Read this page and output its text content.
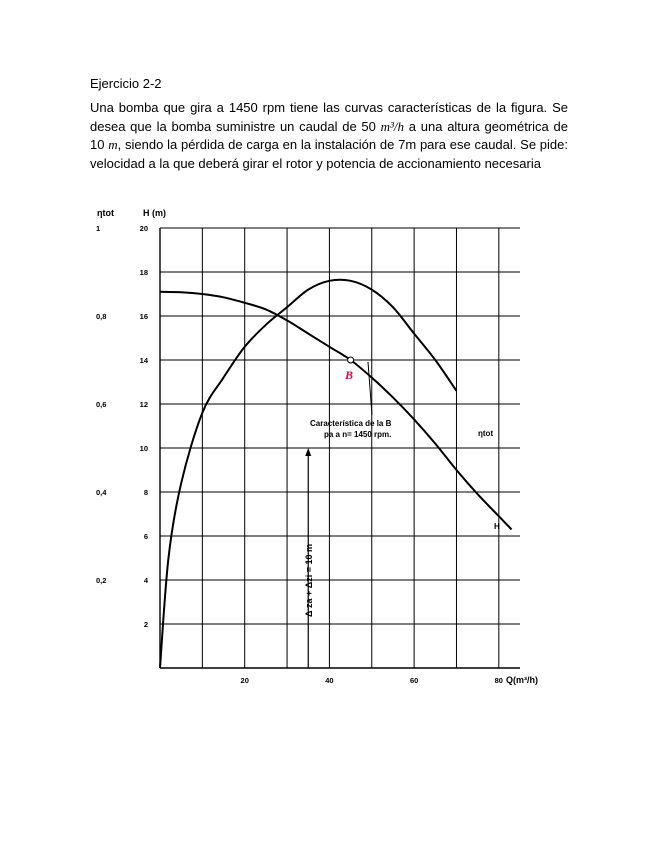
Ejercicio 2-2
Una bomba que gira a 1450 rpm tiene las curvas características de la figura. Se desea que la bomba suministre un caudal de 50 m³/h a una altura geométrica de 10 m, siendo la pérdida de carga en la instalación de 7m para ese caudal. Se pide: velocidad a la que deberá girar el rotor y potencia de accionamiento necesaria
2
4
6
8
10
12
14
16
18
20
1
0,8
0,6
0,4
0,2
20	40	60	80
ηtot	H (m)
Q(m³/h)
Característica de la B
pa a n= 1450 rpm.	ηtot
H
B
Δ za + Δzi = 10 m
